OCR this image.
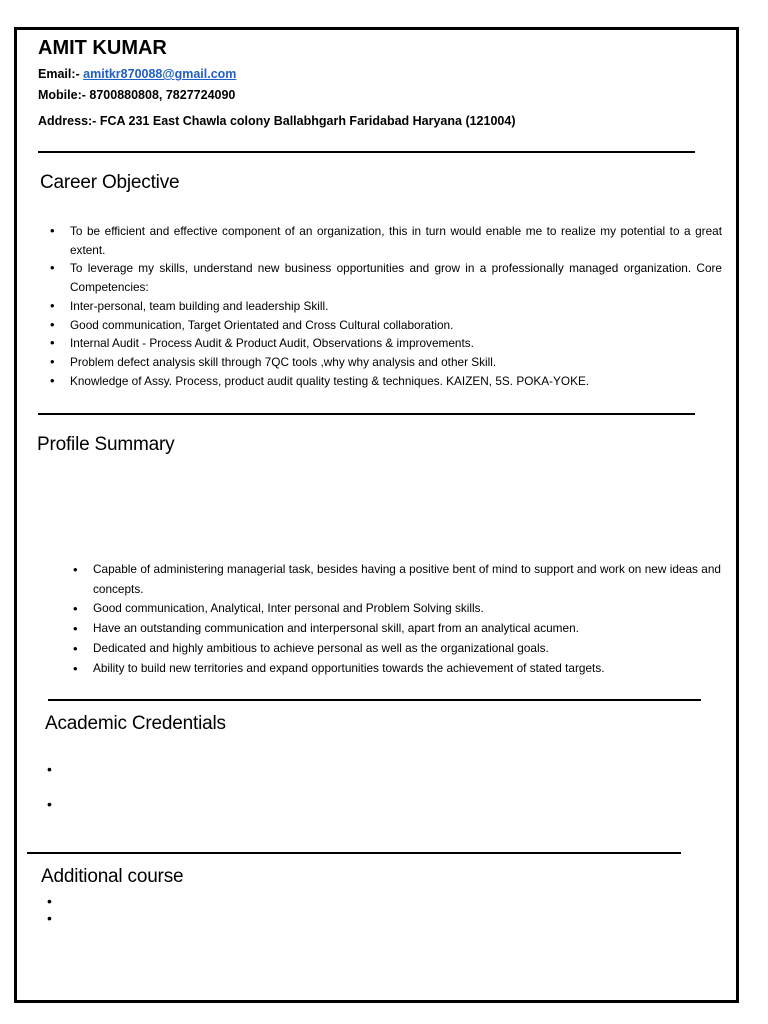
AMIT KUMAR
Email:- amitkr870088@gmail.com
Mobile:- 8700880808, 7827724090
Address:- FCA 231 East Chawla colony Ballabhgarh Faridabad Haryana (121004)
Career Objective
• To be efficient and effective component of an organization, this in turn would enable me to realize my potential to a great extent.
• To leverage my skills, understand new business opportunities and grow in a professionally managed organization. Core Competencies:
• Inter-personal, team building and leadership Skill.
• Good communication, Target Orientated and Cross Cultural collaboration.
• Internal Audit - Process Audit & Product Audit, Observations & improvements.
• Problem defect analysis skill through 7QC tools ,why why analysis and other Skill.
• Knowledge of Assy. Process, product audit quality testing & techniques. KAIZEN, 5S. POKA-YOKE.
Profile Summary
• Capable of administering managerial task, besides having a positive bent of mind to support and work on new ideas and concepts.
• Good communication, Analytical, Inter personal and Problem Solving skills.
• Have an outstanding communication and interpersonal skill, apart from an analytical acumen.
• Dedicated and highly ambitious to achieve personal as well as the organizational goals.
• Ability to build new territories and expand opportunities towards the achievement of stated targets.
Academic Credentials
•
•
Additional course
•
•
